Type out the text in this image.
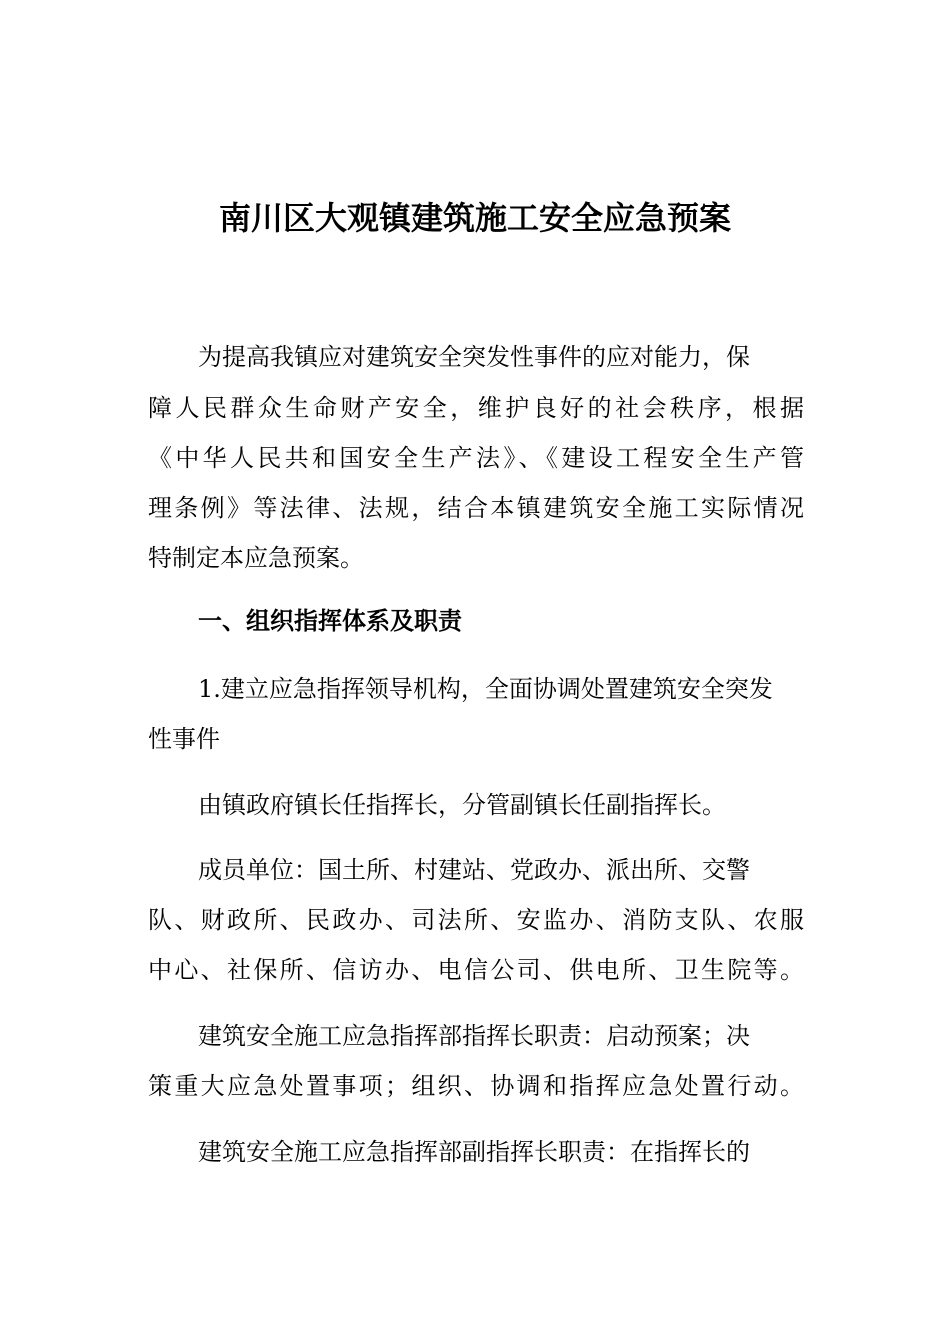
南川区大观镇建筑施工安全应急预案
为提高我镇应对建筑安全突发性事件的应对能力，保
障人民群众生命财产安全，维护良好的社会秩序，根据
《中华人民共和国安全生产法》、《建设工程安全生产管
理条例》等法律、法规，结合本镇建筑安全施工实际情况
特制定本应急预案。
一、组织指挥体系及职责
1.建立应急指挥领导机构，全面协调处置建筑安全突发
性事件
由镇政府镇长任指挥长，分管副镇长任副指挥长。
成员单位：国土所、村建站、党政办、派出所、交警
队、财政所、民政办、司法所、安监办、消防支队、农服
中心、社保所、信访办、电信公司、供电所、卫生院等。
建筑安全施工应急指挥部指挥长职责：启动预案；决
策重大应急处置事项；组织、协调和指挥应急处置行动。
建筑安全施工应急指挥部副指挥长职责：在指挥长的
